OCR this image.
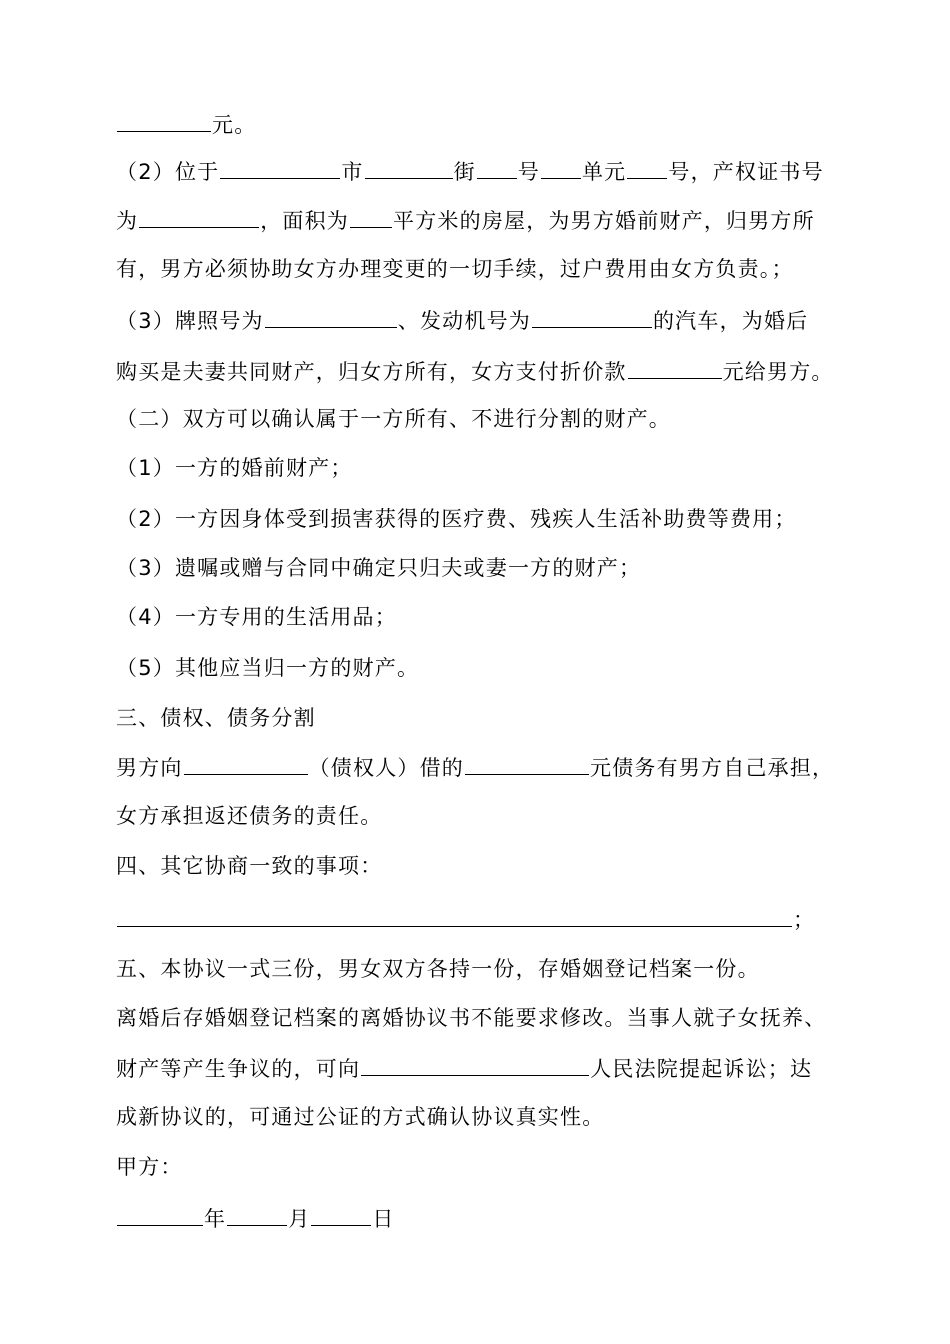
元。
（2）位于	市	街 号 单元 号，产权证书号
为	，面积为 平方米的房屋，为男方婚前财产，归男方所
有，男方必须协助女方办理变更的一切手续，过户费用由女方负责。；
（3）牌照号为	、发动机号为	的汽车，为婚后
购买是夫妻共同财产，归女方所有，女方支付折价款	元给男方。
（二）双方可以确认属于一方所有、不进行分割的财产。
（1）一方的婚前财产；
（2）一方因身体受到损害获得的医疗费、残疾人生活补助费等费用；
（3）遗嘱或赠与合同中确定只归夫或妻一方的财产；
（4）一方专用的生活用品；
（5）其他应当归一方的财产。
三、债权、债务分割
男方向	（债权人）借的	元债务有男方自己承担，
女方承担返还债务的责任。
四、其它协商一致的事项：
；
五、本协议一式三份，男女双方各持一份，存婚姻登记档案一份。
离婚后存婚姻登记档案的离婚协议书不能要求修改。当事人就子女抚养、
财产等产生争议的，可向	人民法院提起诉讼；达
成新协议的，可通过公证的方式确认协议真实性。
甲方：
年	月	日
